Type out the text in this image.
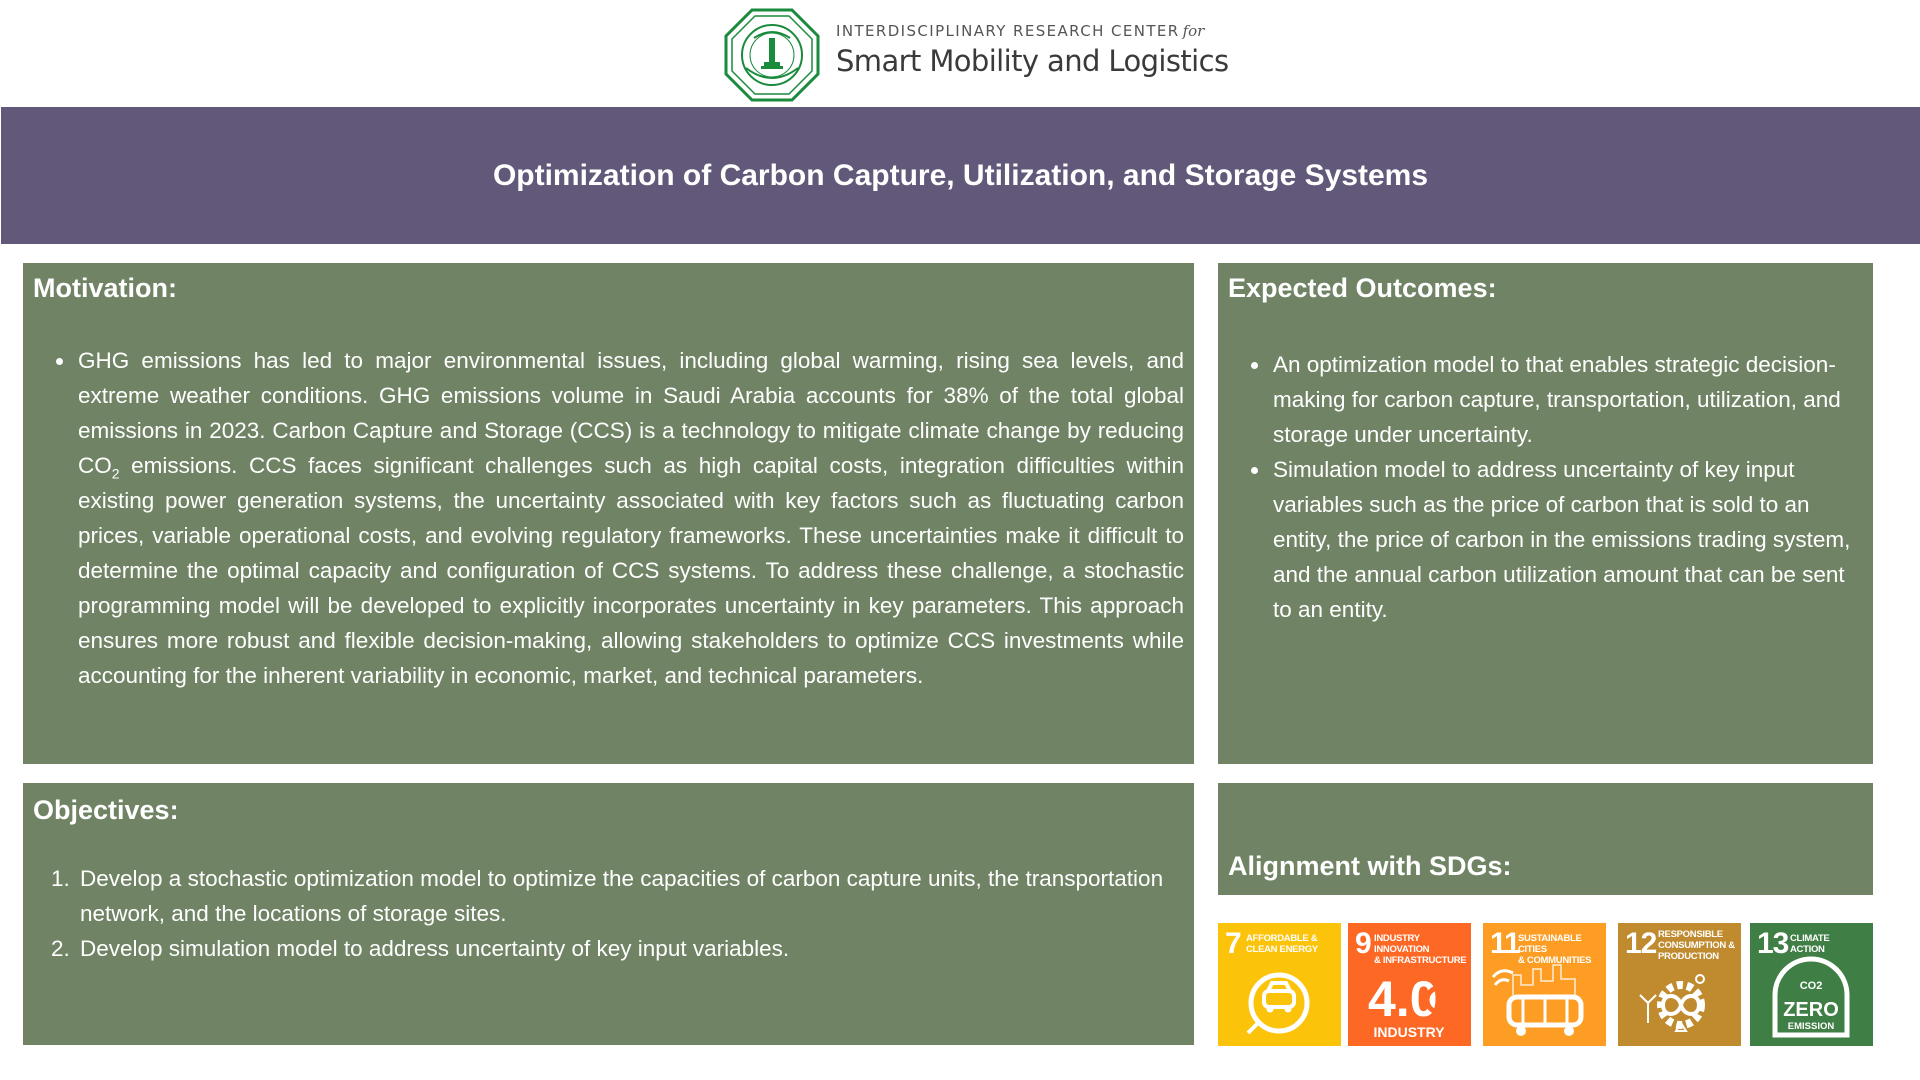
INTERDISCIPLINARY RESEARCH CENTER for
Smart Mobility and Logistics
Optimization of Carbon Capture, Utilization, and Storage Systems
Motivation:
• GHG emissions has led to major environmental issues, including global warming, rising sea levels, and extreme weather conditions. GHG emissions volume in Saudi Arabia accounts for 38% of the total global emissions in 2023. Carbon Capture and Storage (CCS) is a technology to mitigate climate change by reducing $CO_2$ emissions. CCS faces significant challenges such as high capital costs, integration difficulties within existing power generation systems, the uncertainty associated with key factors such as fluctuating carbon prices, variable operational costs, and evolving regulatory frameworks. These uncertainties make it difficult to determine the optimal capacity and configuration of CCS systems. To address these challenge, a stochastic programming model will be developed to explicitly incorporates uncertainty in key parameters. This approach ensures more robust and flexible decision-making, allowing stakeholders to optimize CCS investments while accounting for the inherent variability in economic, market, and technical parameters.
Expected Outcomes:
• An optimization model to that enables strategic decision-making for carbon capture, transportation, utilization, and storage under uncertainty.
• Simulation model to address uncertainty of key input variables such as the price of carbon that is sold to an entity, the price of carbon in the emissions trading system, and the annual carbon utilization amount that can be sent to an entity.
Objectives:
1. Develop a stochastic optimization model to optimize the capacities of carbon capture units, the transportation network, and the locations of storage sites.
2. Develop simulation model to address uncertainty of key input variables.
Alignment with SDGs:
7 AFFORDABLE &
CLEAN ENERGY 9 INDUSTRY INNOVATION
& INFRASTRUCTURE
4.0
INDUSTRY
11
SUSTAINABLE CITIES
& COMMUNITIES
12 RESPONSIBLE
CONSUMPTION &
PRODUCTION	13 CLIMATE
ACTION
CO2
ZERO
EMISSION
